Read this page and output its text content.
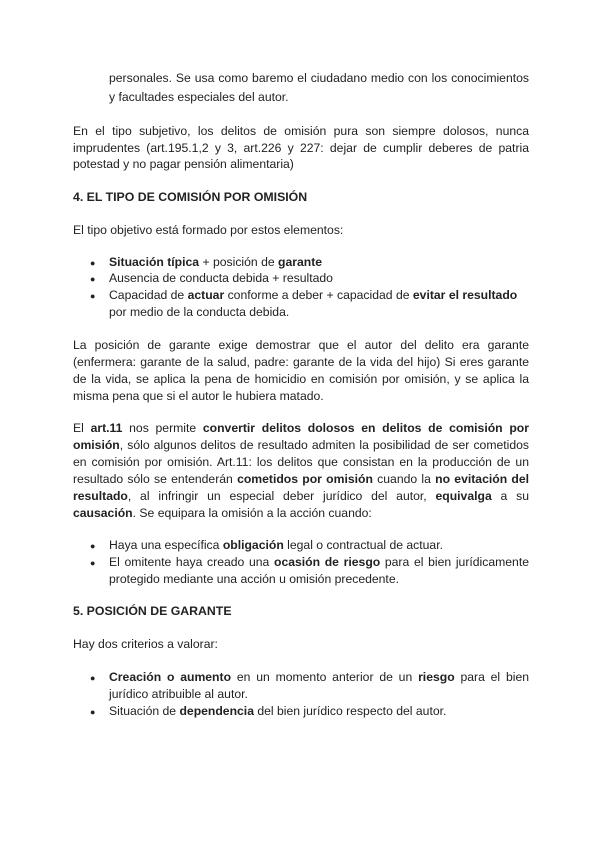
personales. Se usa como baremo el ciudadano medio con los conocimientos
y facultades especiales del autor.
En el tipo subjetivo, los delitos de omisión pura son siempre dolosos, nunca
imprudentes (art.195.1,2 y 3, art.226 y 227: dejar de cumplir deberes de patria
potestad y no pagar pensión alimentaria)
4. EL TIPO DE COMISIÓN POR OMISIÓN
El tipo objetivo está formado por estos elementos:
● Situación típica + posición de garante
● Ausencia de conducta debida + resultado
● Capacidad de actuar conforme a deber + capacidad de evitar el resultado
por medio de la conducta debida.
La posición de garante exige demostrar que el autor del delito era garante
(enfermera: garante de la salud, padre: garante de la vida del hijo) Si eres garante
de la vida, se aplica la pena de homicidio en comisión por omisión, y se aplica la
misma pena que si el autor le hubiera matado.
El art.11 nos permite convertir delitos dolosos en delitos de comisión por
omisión, sólo algunos delitos de resultado admiten la posibilidad de ser cometidos
en comisión por omisión. Art.11: los delitos que consistan en la producción de un
resultado sólo se entenderán cometidos por omisión cuando la no evitación del
resultado, al infringir un especial deber jurídico del autor, equivalga a su
causación. Se equipara la omisión a la acción cuando:
● Haya una específica obligación legal o contractual de actuar.
● El omitente haya creado una ocasión de riesgo para el bien jurídicamente
protegido mediante una acción u omisión precedente.
5. POSICIÓN DE GARANTE
Hay dos criterios a valorar:
● Creación o aumento en un momento anterior de un riesgo para el bien
jurídico atribuible al autor.
● Situación de dependencia del bien jurídico respecto del autor.
